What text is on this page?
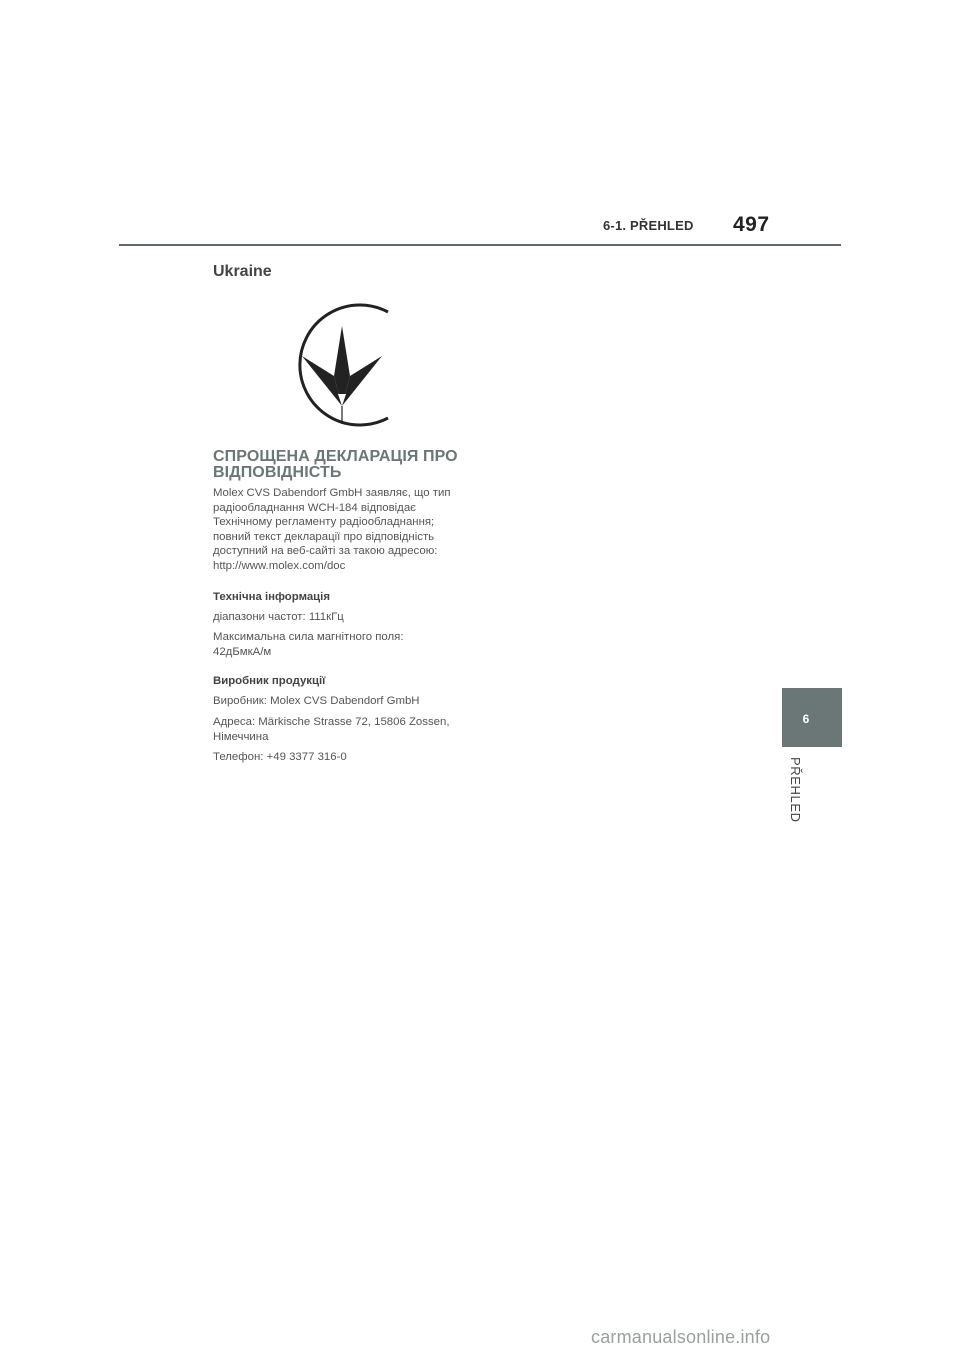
6-1. PŘEHLED 497
Ukraine
СПРОЩЕНА ДЕКЛАРАЦІЯ ПРО
ВІДПОВІДНІСТЬ

Molex CVS Dabendorf GmbH заявляє, що тип
радіообладнання WCH-184 відповідає
Технічному регламенту радіообладнання;
повний текст декларації про відповідність
доступний на веб-сайті за такою адресою:
http://www.molex.com/doc

Технічна інформація

діапазони частот: 111кГц

Максимальна сила магнітного поля:
42дБмкА/м

Виробник продукції

Виробник: Molex CVS Dabendorf GmbH

Адреса: Märkische Strasse 72, 15806 Zossen,
Німеччина

Телефон: +49 3377 316-0

6
PŘEHLED
carmanualsonline.info
